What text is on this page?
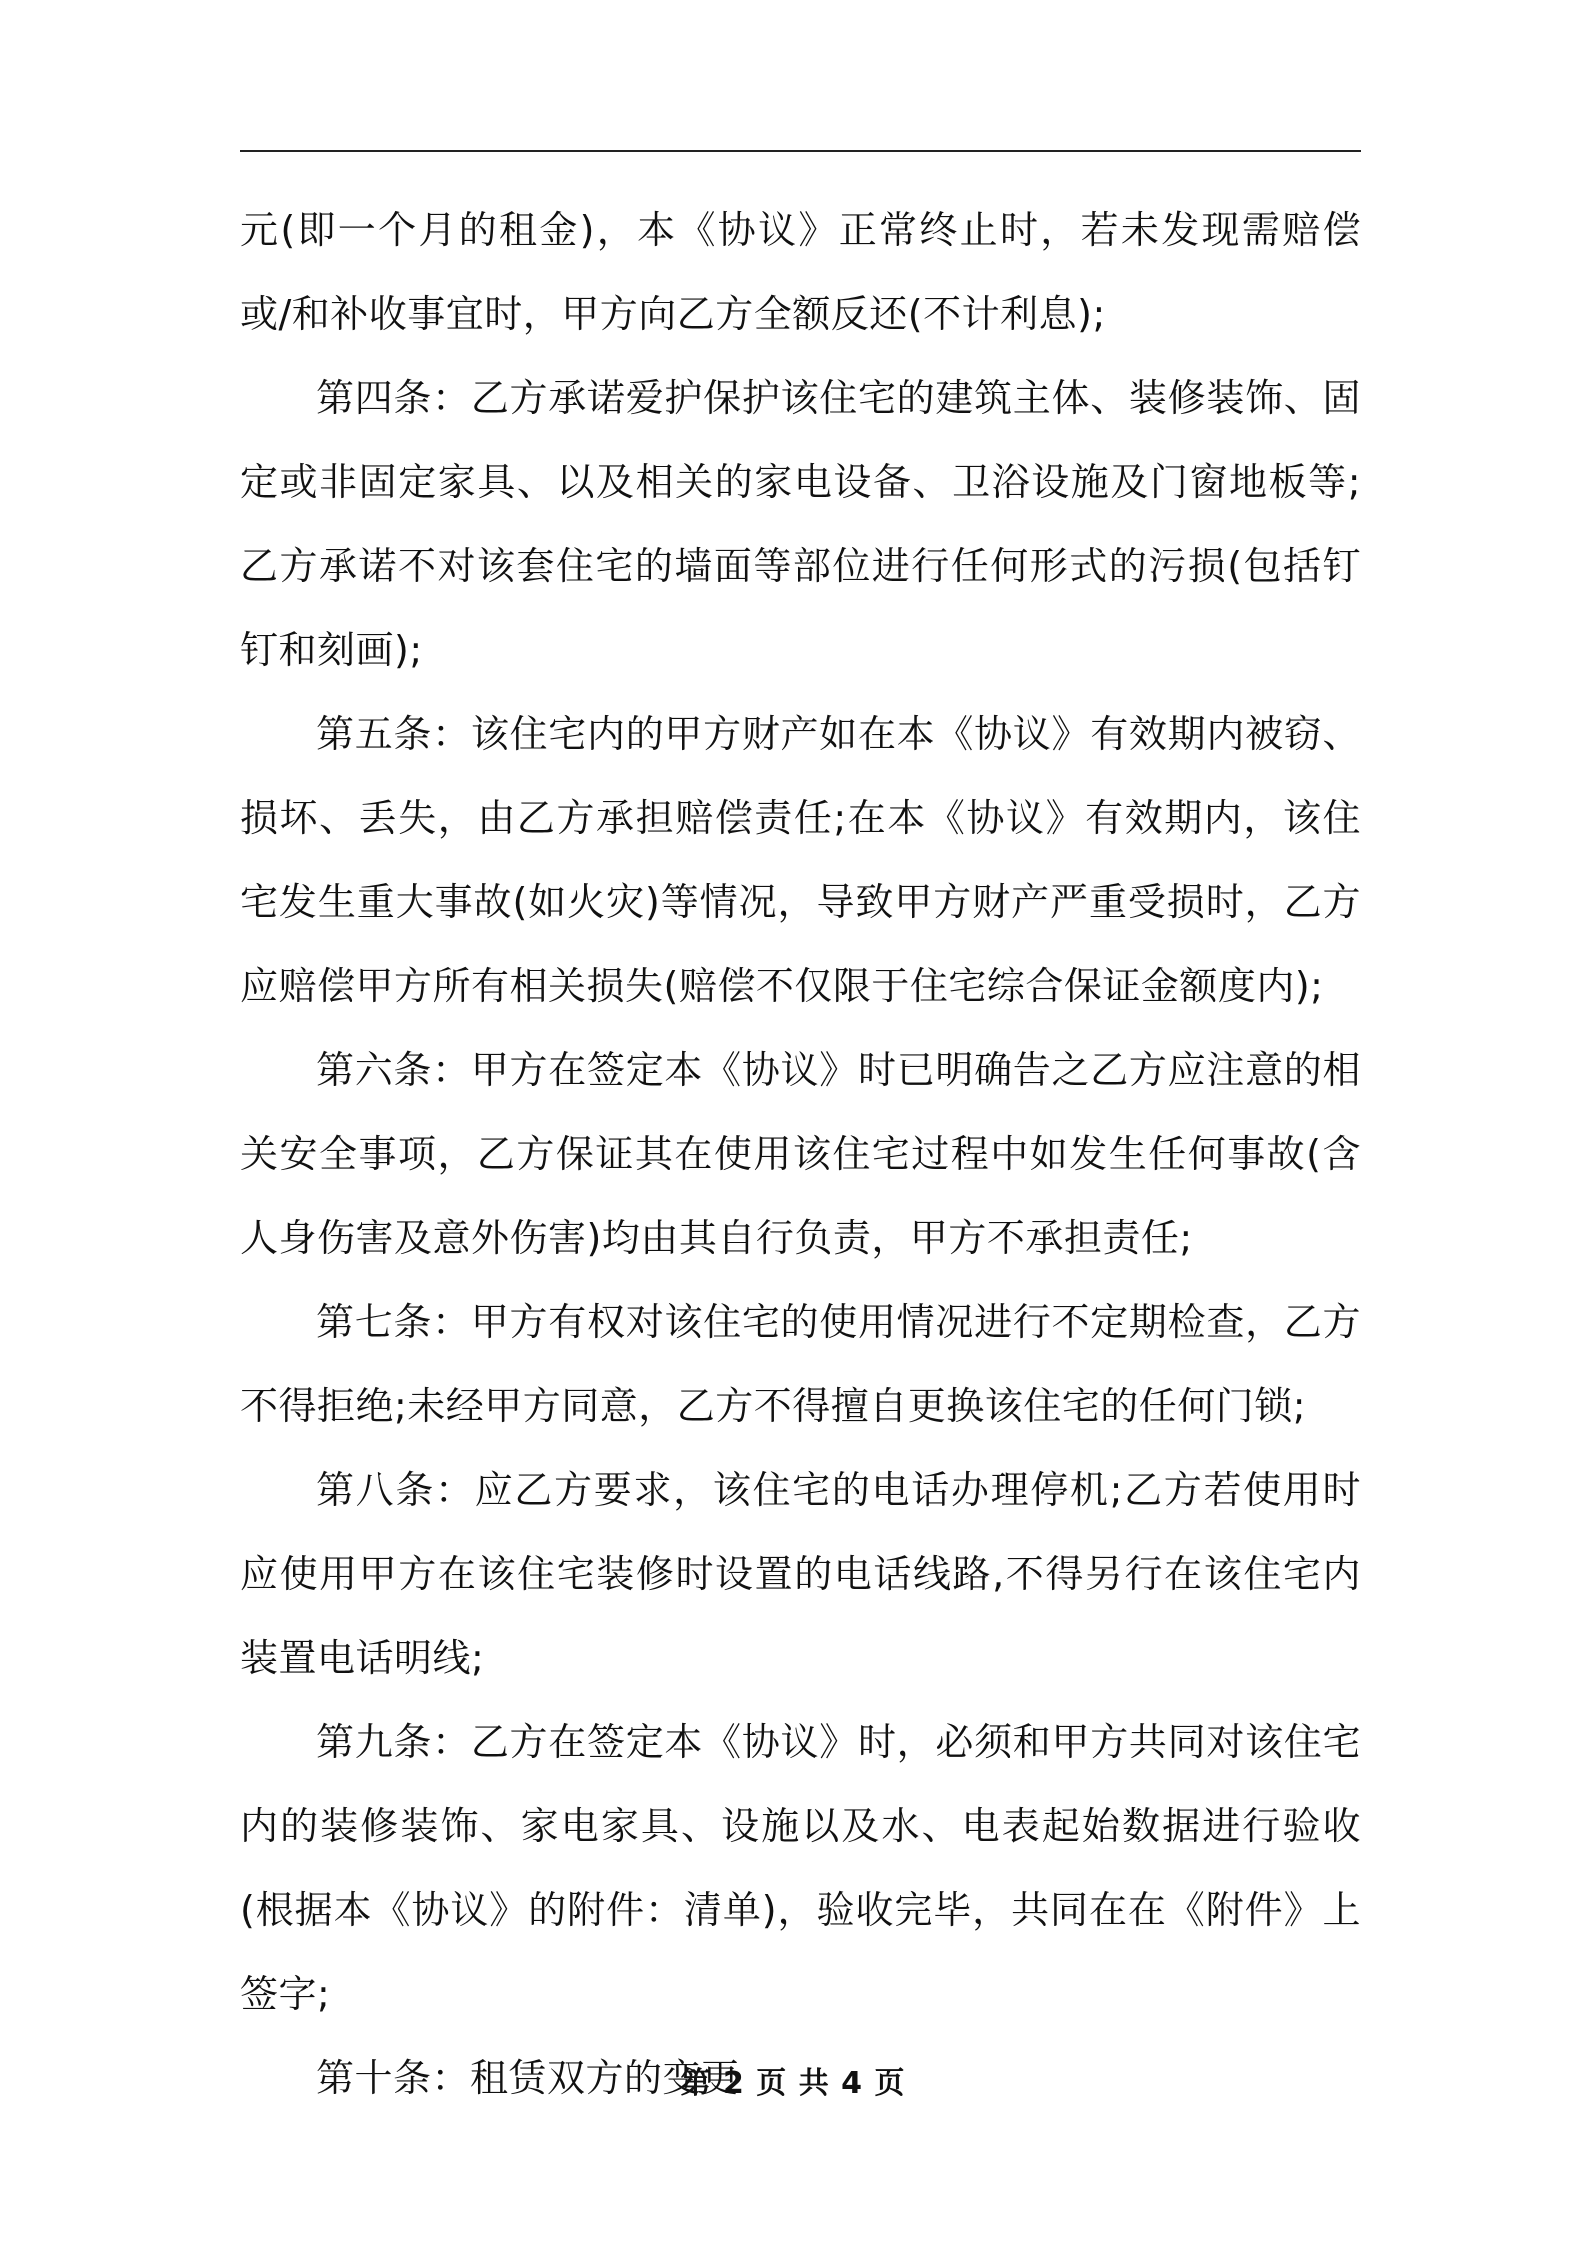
元(即一个月的租金)，本《协议》正常终止时，若未发现需赔偿或/和补收事宜时，甲方向乙方全额反还(不计利息);

第四条：乙方承诺爱护保护该住宅的建筑主体、装修装饰、固定或非固定家具、以及相关的家电设备、卫浴设施及门窗地板等;乙方承诺不对该套住宅的墙面等部位进行任何形式的污损(包括钉钉和刻画);

第五条：该住宅内的甲方财产如在本《协议》有效期内被窃、损坏、丢失，由乙方承担赔偿责任;在本《协议》有效期内，该住宅发生重大事故(如火灾)等情况，导致甲方财产严重受损时，乙方应赔偿甲方所有相关损失(赔偿不仅限于住宅综合保证金额度内);

第六条：甲方在签定本《协议》时已明确告之乙方应注意的相关安全事项，乙方保证其在使用该住宅过程中如发生任何事故(含人身伤害及意外伤害)均由其自行负责，甲方不承担责任;

第七条：甲方有权对该住宅的使用情况进行不定期检查，乙方不得拒绝;未经甲方同意，乙方不得擅自更换该住宅的任何门锁;

第八条：应乙方要求，该住宅的电话办理停机;乙方若使用时应使用甲方在该住宅装修时设置的电话线路,不得另行在该住宅内装置电话明线;

第九条：乙方在签定本《协议》时，必须和甲方共同对该住宅内的装修装饰、家电家具、设施以及水、电表起始数据进行验收(根据本《协议》的附件：清单)，验收完毕，共同在在《附件》上签字;

第十条：租赁双方的变更

第 2 页 共 4 页
